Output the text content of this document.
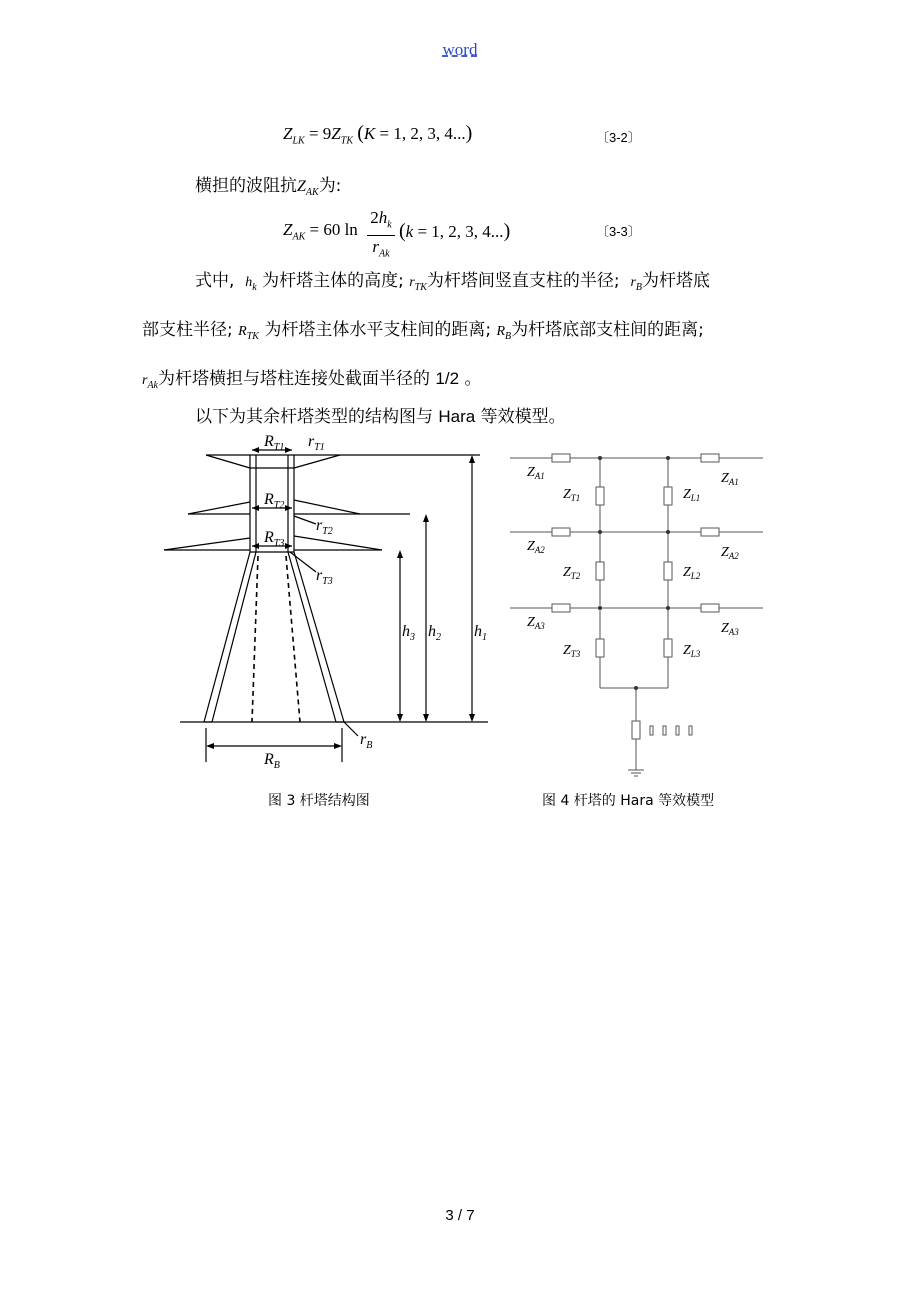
word
$Z_{LK} = 9Z_{TK}$ (K = 1, 2, 3, 4...)	〔3-2〕
横担的波阻抗$Z_{AK}$为:
$Z_{AK} = 60$ ln
$2h_k$
$r_{Ak}$
(k = 1, 2, 3, 4...)	〔3-3〕
式中, $h_k$ 为杆塔主体的高度; $r_{TK}$为杆塔间竖直支柱的半径; $r_B$为杆塔底
部支柱半径; $R_{TK}$ 为杆塔主体水平支柱间的距离; $R_B$为杆塔底部支柱间的距离;
$r_{Ak}$为杆塔横担与塔柱连接处截面半径的 1/2 。
以下为其余杆塔类型的结构图与 Hara 等效模型。
$R_{T1}$ $r_{T1}$
$R_{T2}$
$r_{T2}$
$R_{T3}$
$r_{T3}$
$h_3$ $h_2$ $h_1$
$r_B$
$R_B$
$Z_{A1}$	$Z_{A1}$
$Z_{T1}$	$Z_{L1}$
$Z_{A2}$	$Z_{A2}$
$Z_{T2}$	$Z_{L2}$
$Z_{A3}$	$Z_{A3}$
$Z_{T3}$	$Z_{L3}$
图 3 杆塔结构图	图 4 杆塔的 Hara 等效模型
3 / 7
